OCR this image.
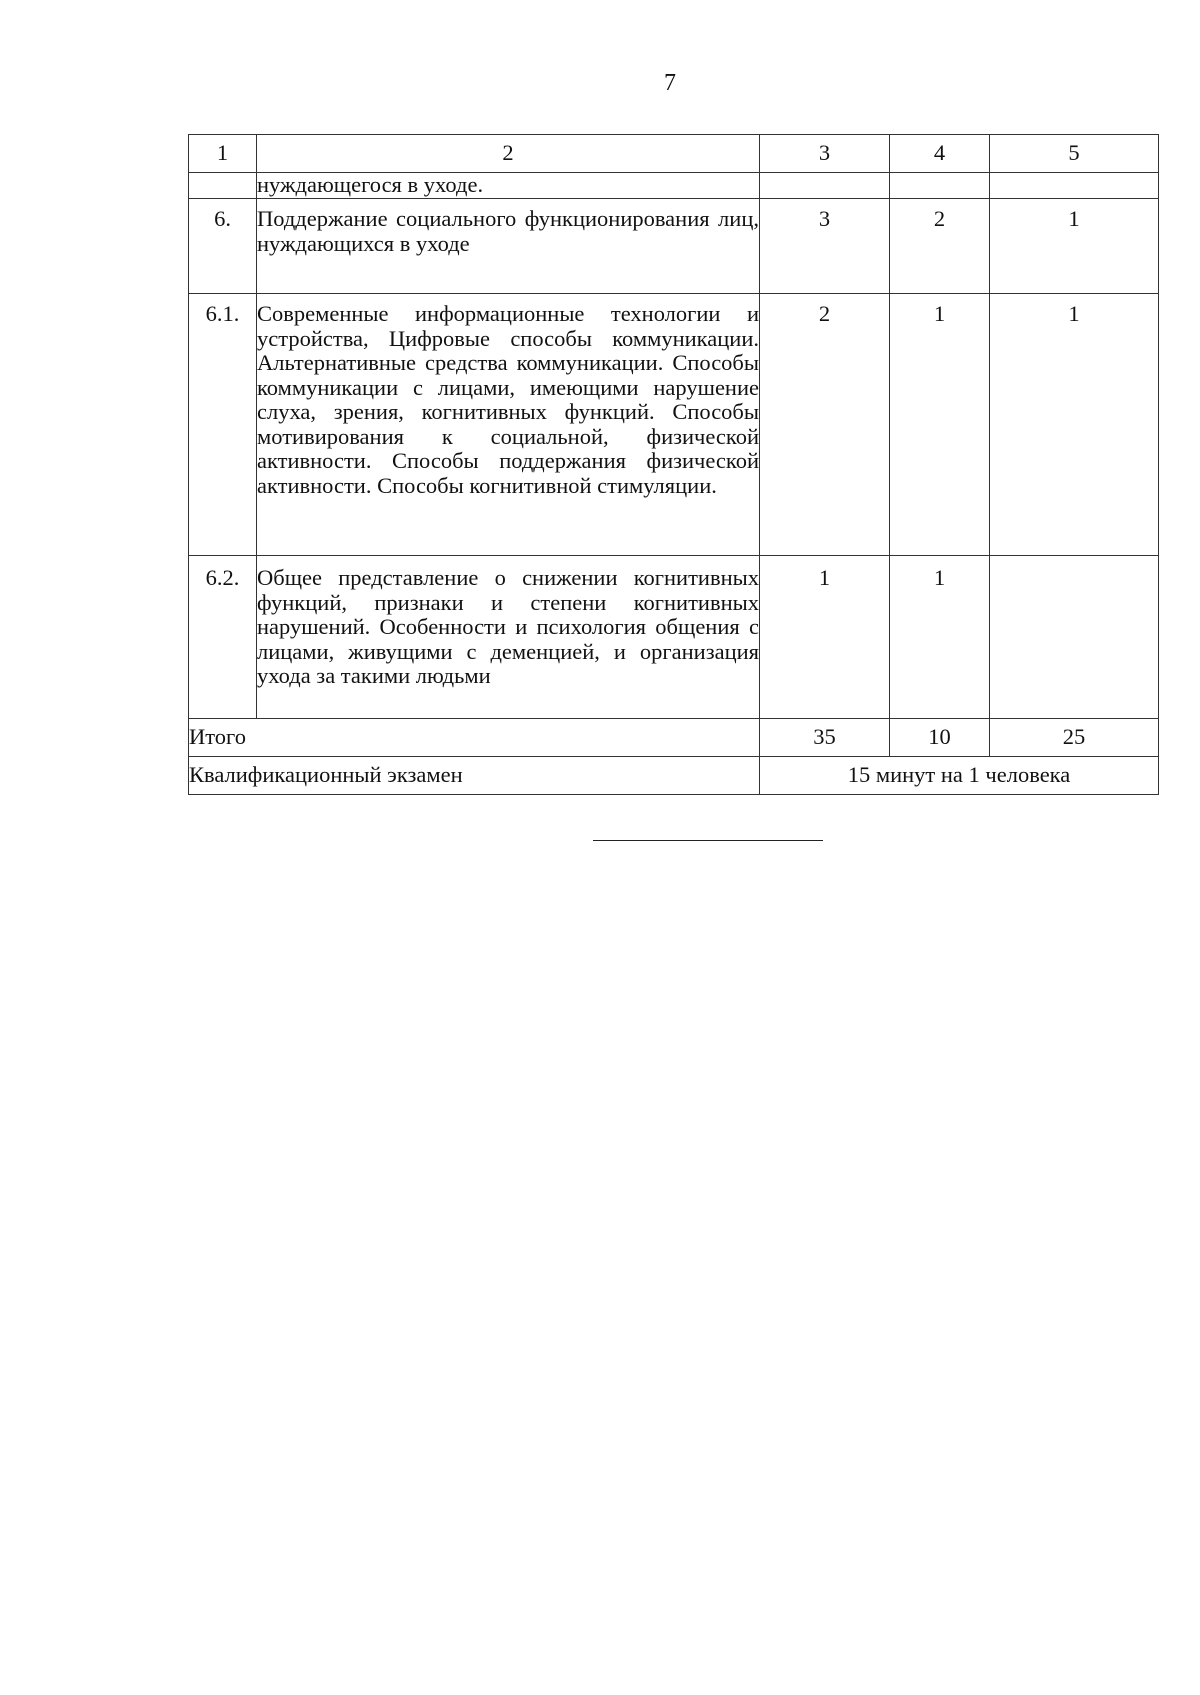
7
1	2	3	4	5
	нуждающегося в уходе.			
6.	Поддержание социального функционирования лиц, нуждающихся в уходе	3	2	1
6.1.	Современные информационные технологии и устройства, Цифровые способы коммуникации. Альтернативные средства коммуникации. Способы коммуникации с лицами, имеющими нарушение слуха, зрения, когнитивных функций. Способы мотивирования к социальной, физической активности. Способы поддержания физической активности. Способы когнитивной стимуляции.	2	1	1
6.2.	Общее представление о снижении когнитивных функций, признаки и степени когнитивных нарушений. Особенности и психология общения с лицами, живущими с деменцией, и организация ухода за такими людьми	1	1	
Итого		35	10	25
Квалификационный экзамен		15 минут на 1 человека		
